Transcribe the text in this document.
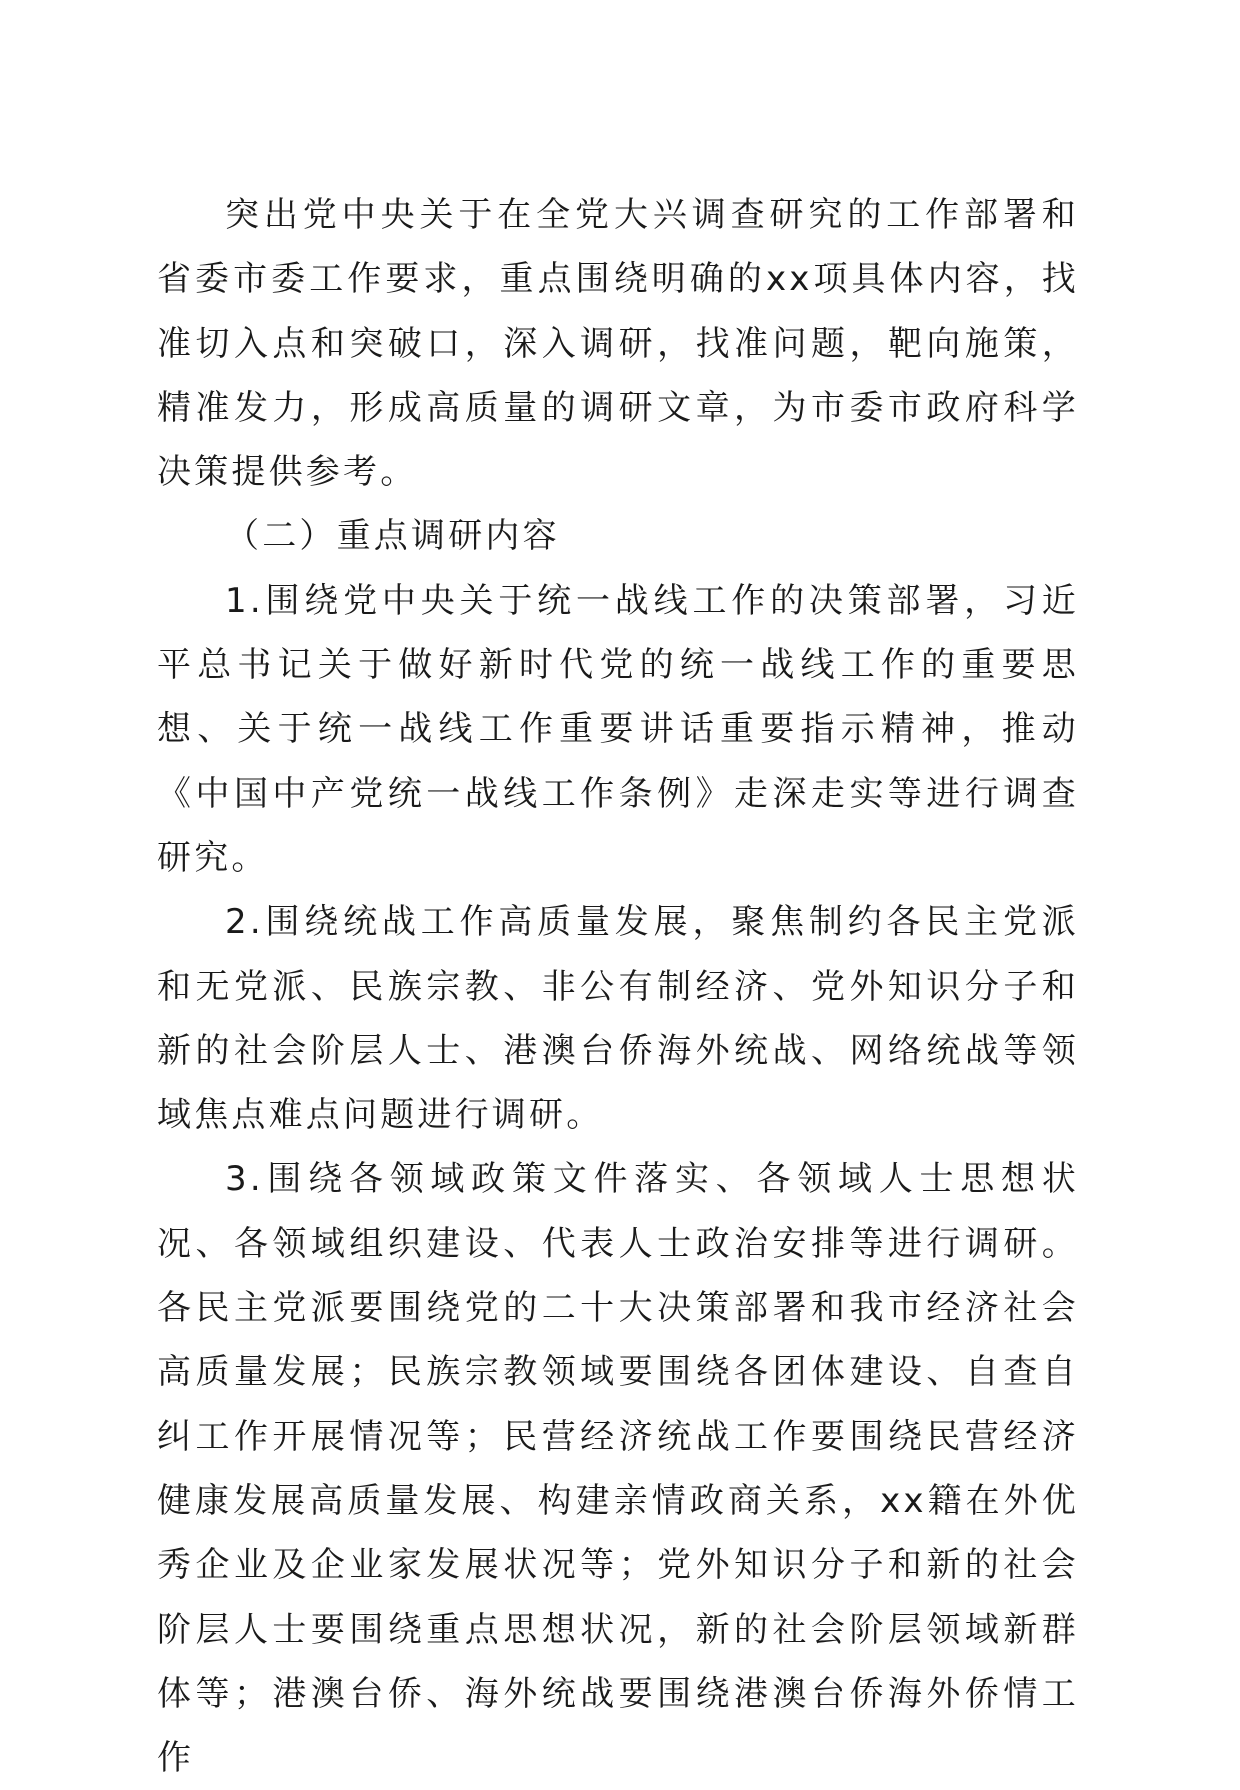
突出党中央关于在全党大兴调查研究的工作部署和省委市委工作要求，重点围绕明确的xx项具体内容，找准切入点和突破口，深入调研，找准问题，靶向施策，精准发力，形成高质量的调研文章，为市委市政府科学决策提供参考。

（二）重点调研内容

1.围绕党中央关于统一战线工作的决策部署，习近平总书记关于做好新时代党的统一战线工作的重要思想、关于统一战线工作重要讲话重要指示精神，推动《中国中产党统一战线工作条例》走深走实等进行调查研究。

2.围绕统战工作高质量发展，聚焦制约各民主党派和无党派、民族宗教、非公有制经济、党外知识分子和新的社会阶层人士、港澳台侨海外统战、网络统战等领域焦点难点问题进行调研。

3.围绕各领域政策文件落实、各领域人士思想状况、各领域组织建设、代表人士政治安排等进行调研。各民主党派要围绕党的二十大决策部署和我市经济社会高质量发展；民族宗教领域要围绕各团体建设、自查自纠工作开展情况等；民营经济统战工作要围绕民营经济健康发展高质量发展、构建亲情政商关系，xx籍在外优秀企业及企业家发展状况等；党外知识分子和新的社会阶层人士要围绕重点思想状况，新的社会阶层领域新群体等；港澳台侨、海外统战要围绕港澳台侨海外侨情工作
